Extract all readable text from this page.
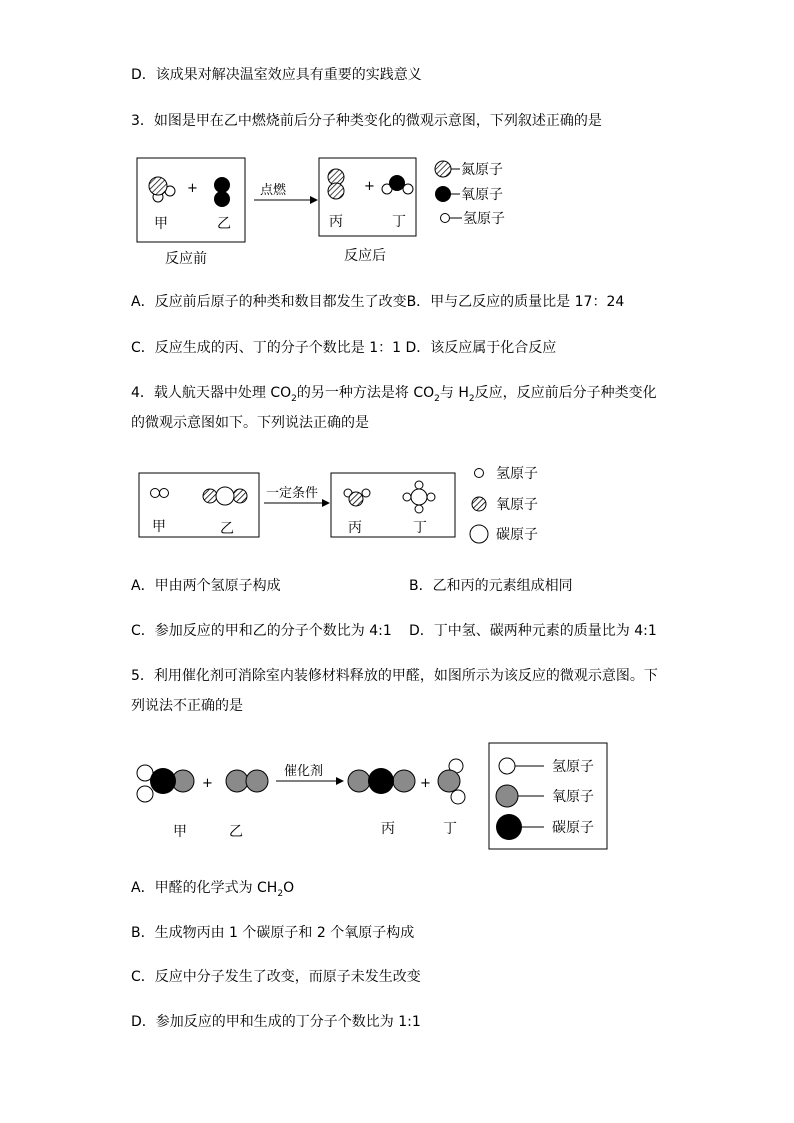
D．该成果对解决温室效应具有重要的实践意义
3．如图是甲在乙中燃烧前后分子种类变化的微观示意图，下列叙述正确的是
+
甲	乙
点燃	+
丙	丁
反应前	反应后
氮原子
氧原子
氢原子
A．反应前后原子的种类和数目都发生了改变B．甲与乙反应的质量比是 17：24
C．反应生成的丙、丁的分子个数比是 1：1 D．该反应属于化合反应
4．载人航天器中处理 $CO_2$的另一种方法是将 $CO_2$与 $H_2$反应，反应前后分子种类变化
的微观示意图如下。下列说法正确的是
甲	乙
一定条件
丙	丁
氢原子
氧原子
碳原子
A．甲由两个氢原子构成	B．乙和丙的元素组成相同
C．参加反应的甲和乙的分子个数比为 4:1 D．丁中氢、碳两种元素的质量比为 4:1
5．利用催化剂可消除室内装修材料释放的甲醛，如图所示为该反应的微观示意图。下
列说法不正确的是
+
甲	乙
催化剂
+
丙	丁
氢原子
氧原子
碳原子
A．甲醛的化学式为 $CH_2O$
B．生成物丙由 1 个碳原子和 2 个氧原子构成
C．反应中分子发生了改变，而原子未发生改变
D．参加反应的甲和生成的丁分子个数比为 1:1
